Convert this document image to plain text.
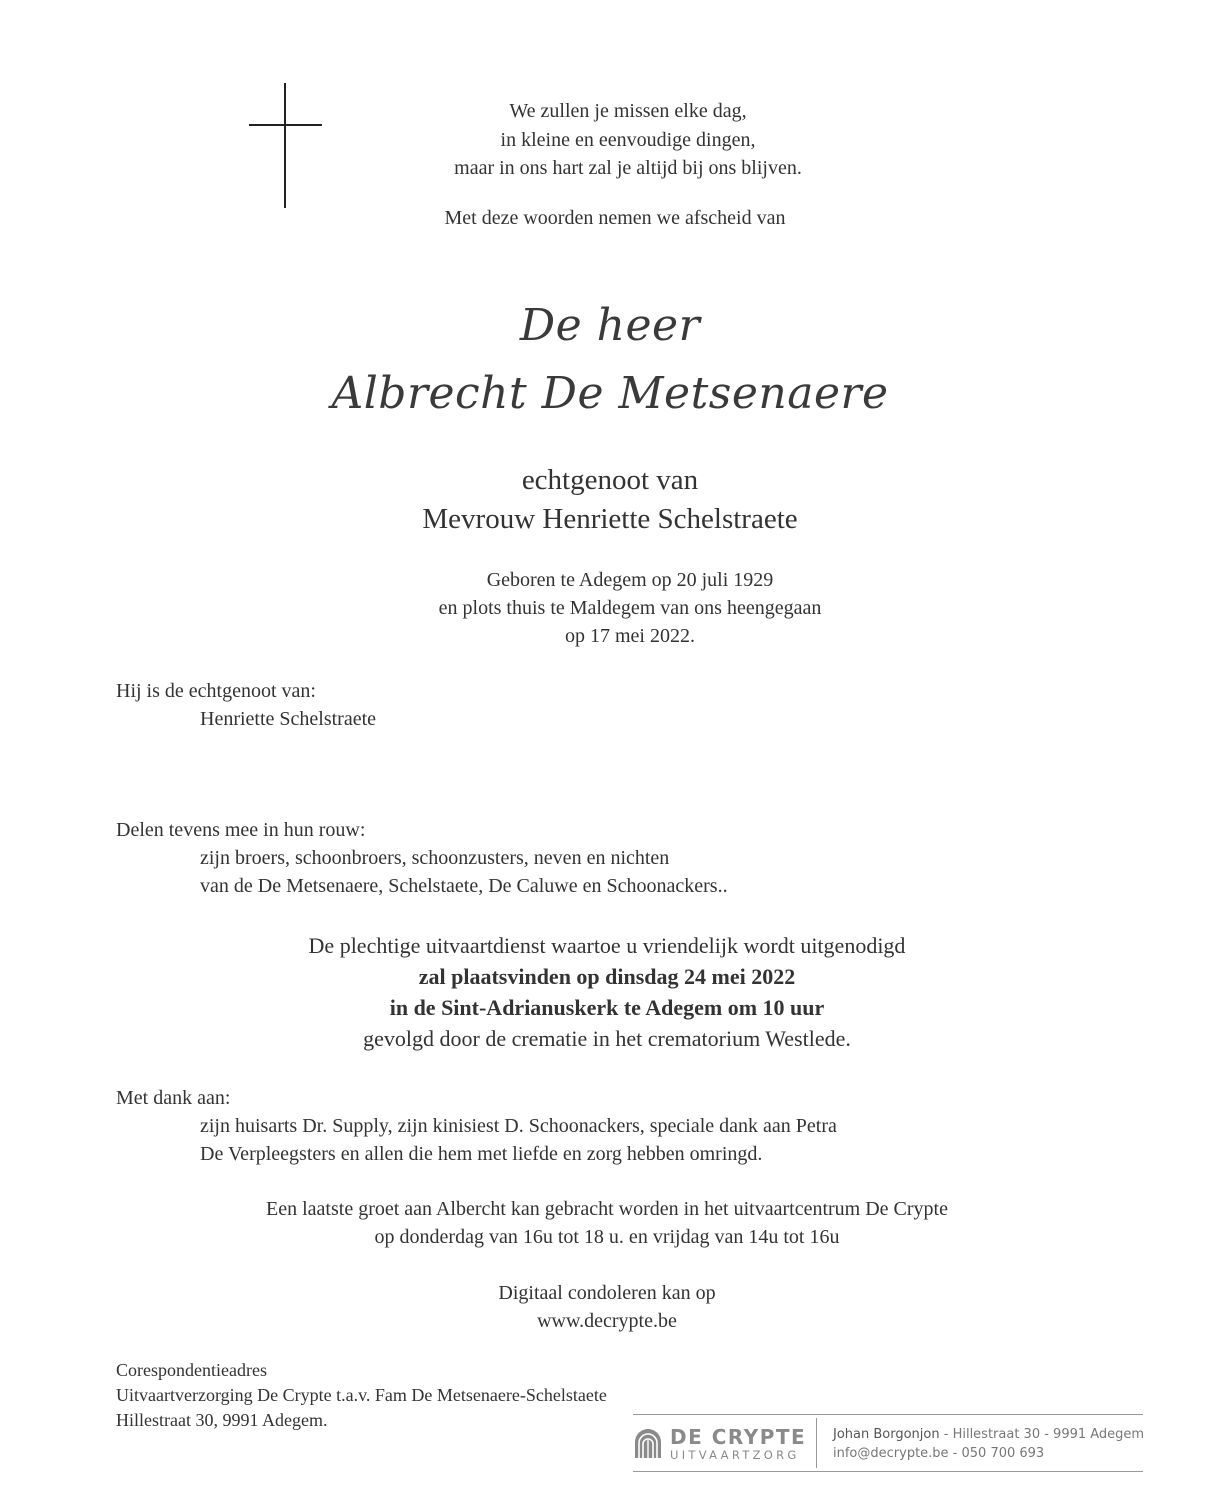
We zullen je missen elke dag,
in kleine en eenvoudige dingen,
maar in ons hart zal je altijd bij ons blijven.
Met deze woorden nemen we afscheid van
De heer
Albrecht De Metsenaere
echtgenoot van
Mevrouw Henriette Schelstraete
Geboren te Adegem op 20 juli 1929
en plots thuis te Maldegem van ons heengegaan
op 17 mei 2022.
Hij is de echtgenoot van:
Henriette Schelstraete
Delen tevens mee in hun rouw:
zijn broers, schoonbroers, schoonzusters, neven en nichten
van de De Metsenaere, Schelstaete, De Caluwe en Schoonackers..
De plechtige uitvaartdienst waartoe u vriendelijk wordt uitgenodigd
zal plaatsvinden op dinsdag 24 mei 2022
in de Sint-Adrianuskerk te Adegem om 10 uur
gevolgd door de crematie in het crematorium Westlede.
Met dank aan:
zijn huisarts Dr. Supply, zijn kinisiest D. Schoonackers, speciale dank aan Petra
De Verpleegsters en allen die hem met liefde en zorg hebben omringd.
Een laatste groet aan Albercht kan gebracht worden in het uitvaartcentrum De Crypte
op donderdag van 16u tot 18 u. en vrijdag van 14u tot 16u
Digitaal condoleren kan op
www.decrypte.be
Corespondentieadres
Uitvaartverzorging De Crypte t.a.v. Fam De Metsenaere-Schelstaete
Hillestraat 30, 9991 Adegem.
DE CRYPTE
UITVAARTZORG
Johan Borgonjon - Hillestraat 30 - 9991 Adegem
info@decrypte.be - 050 700 693
